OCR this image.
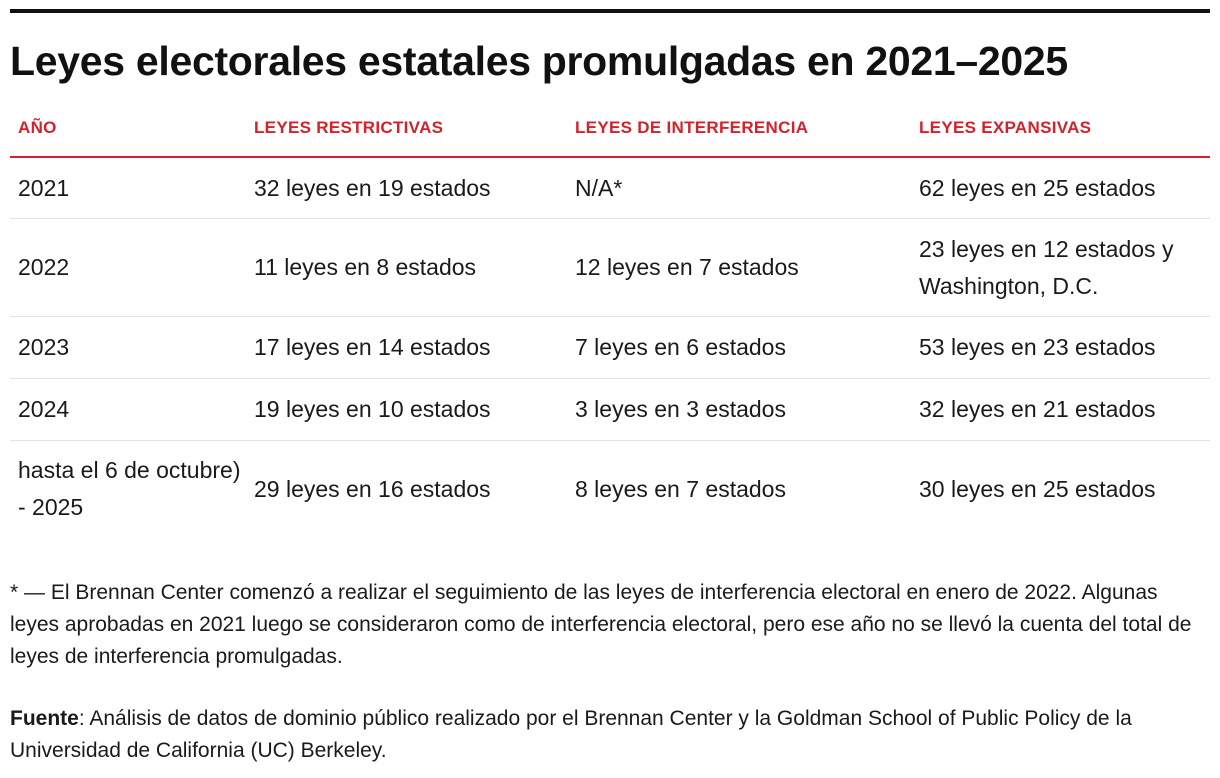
Leyes electorales estatales promulgadas en 2021–2025
AÑO	LEYES RESTRICTIVAS	LEYES DE INTERFERENCIA	LEYES EXPANSIVAS
2021	32 leyes en 19 estados	N/A*	62 leyes en 25 estados
2022	11 leyes en 8 estados	12 leyes en 7 estados	23 leyes en 12 estados y Washington, D.C.
2023	17 leyes en 14 estados	7 leyes en 6 estados	53 leyes en 23 estados
2024	19 leyes en 10 estados	3 leyes en 3 estados	32 leyes en 21 estados
hasta el 6 de octubre) - 2025	29 leyes en 16 estados	8 leyes en 7 estados	30 leyes en 25 estados

* — El Brennan Center comenzó a realizar el seguimiento de las leyes de interferencia electoral en enero de 2022. Algunas leyes aprobadas en 2021 luego se consideraron como de interferencia electoral, pero ese año no se llevó la cuenta del total de leyes de interferencia promulgadas.

Fuente: Análisis de datos de dominio público realizado por el Brennan Center y la Goldman School of Public Policy de la Universidad de California (UC) Berkeley.
